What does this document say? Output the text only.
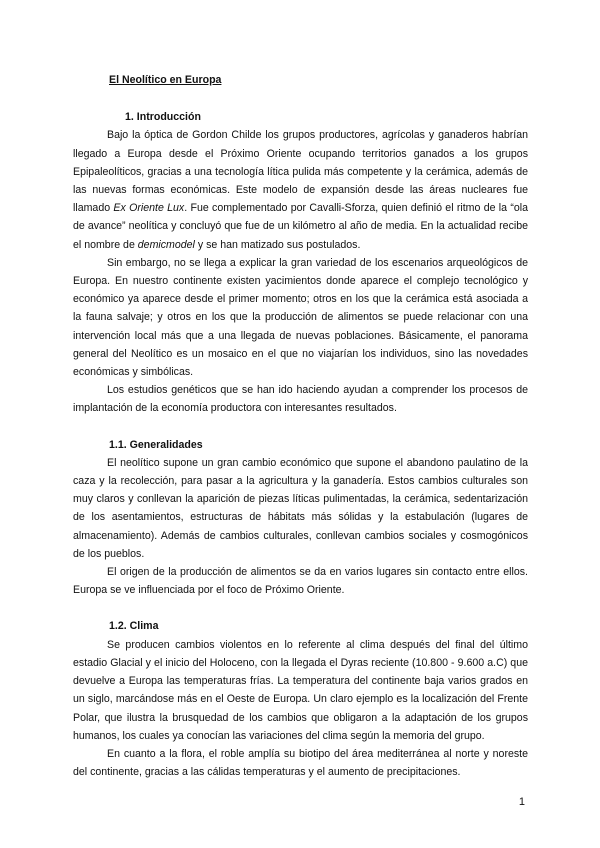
El Neolítico en Europa
1. Introducción

Bajo la óptica de Gordon Childe los grupos productores, agrícolas y ganaderos habrían llegado a Europa desde el Próximo Oriente ocupando territorios ganados a los grupos Epipaleolíticos, gracias a una tecnología lítica pulida más competente y la cerámica, además de las nuevas formas económicas. Este modelo de expansión desde las áreas nucleares fue llamado Ex Oriente Lux. Fue complementado por Cavalli-Sforza, quien definió el ritmo de la “ola de avance” neolítica y concluyó que fue de un kilómetro al año de media. En la actualidad recibe el nombre de demicmodel y se han matizado sus postulados.

Sin embargo, no se llega a explicar la gran variedad de los escenarios arqueológicos de Europa. En nuestro continente existen yacimientos donde aparece el complejo tecnológico y económico ya aparece desde el primer momento; otros en los que la cerámica está asociada a la fauna salvaje; y otros en los que la producción de alimentos se puede relacionar con una intervención local más que a una llegada de nuevas poblaciones. Básicamente, el panorama general del Neolítico es un mosaico en el que no viajarían los individuos, sino las novedades económicas y simbólicas.

Los estudios genéticos que se han ido haciendo ayudan a comprender los procesos de implantación de la economía productora con interesantes resultados.

1.1. Generalidades

El neolítico supone un gran cambio económico que supone el abandono paulatino de la caza y la recolección, para pasar a la agricultura y la ganadería. Estos cambios culturales son muy claros y conllevan la aparición de piezas líticas pulimentadas, la cerámica, sedentarización de los asentamientos, estructuras de hábitats más sólidas y la estabulación (lugares de almacenamiento). Además de cambios culturales, conllevan cambios sociales y cosmogónicos de los pueblos.

El origen de la producción de alimentos se da en varios lugares sin contacto entre ellos. Europa se ve influenciada por el foco de Próximo Oriente.

1.2. Clima

Se producen cambios violentos en lo referente al clima después del final del último estadio Glacial y el inicio del Holoceno, con la llegada el Dyras reciente (10.800 - 9.600 a.C) que devuelve a Europa las temperaturas frías. La temperatura del continente baja varios grados en un siglo, marcándose más en el Oeste de Europa. Un claro ejemplo es la localización del Frente Polar, que ilustra la brusquedad de los cambios que obligaron a la adaptación de los grupos humanos, los cuales ya conocían las variaciones del clima según la memoria del grupo.

En cuanto a la flora, el roble amplía su biotipo del área mediterránea al norte y noreste del continente, gracias a las cálidas temperaturas y el aumento de precipitaciones.

1
